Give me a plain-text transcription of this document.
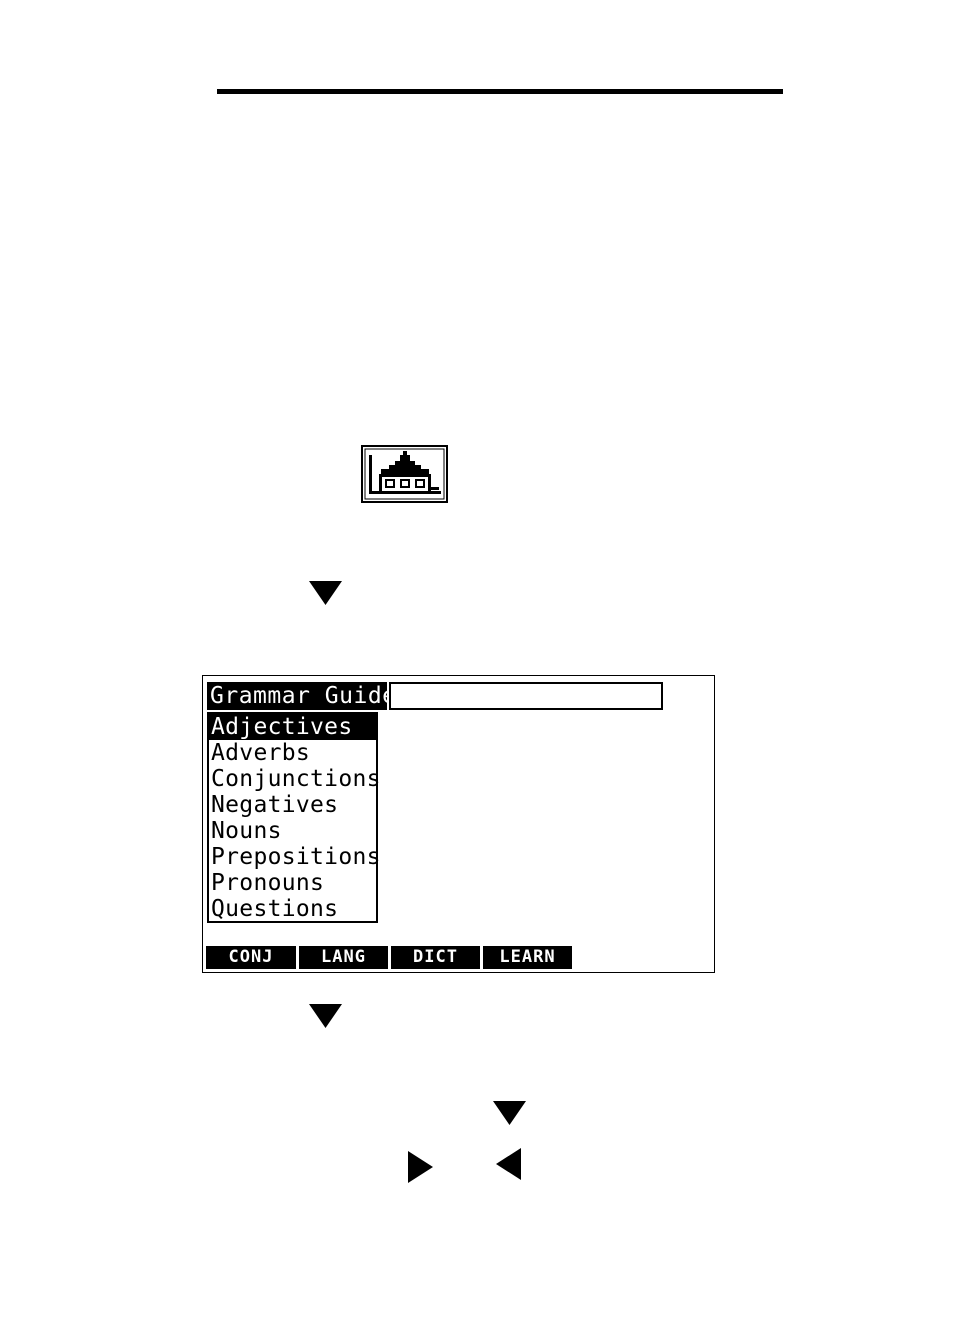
Grammar Guide
Adjectives
Adverbs
Conjunctions
Negatives
Nouns
Prepositions
Pronouns
Questions
CONJ	LANG	DICT	LEARN
